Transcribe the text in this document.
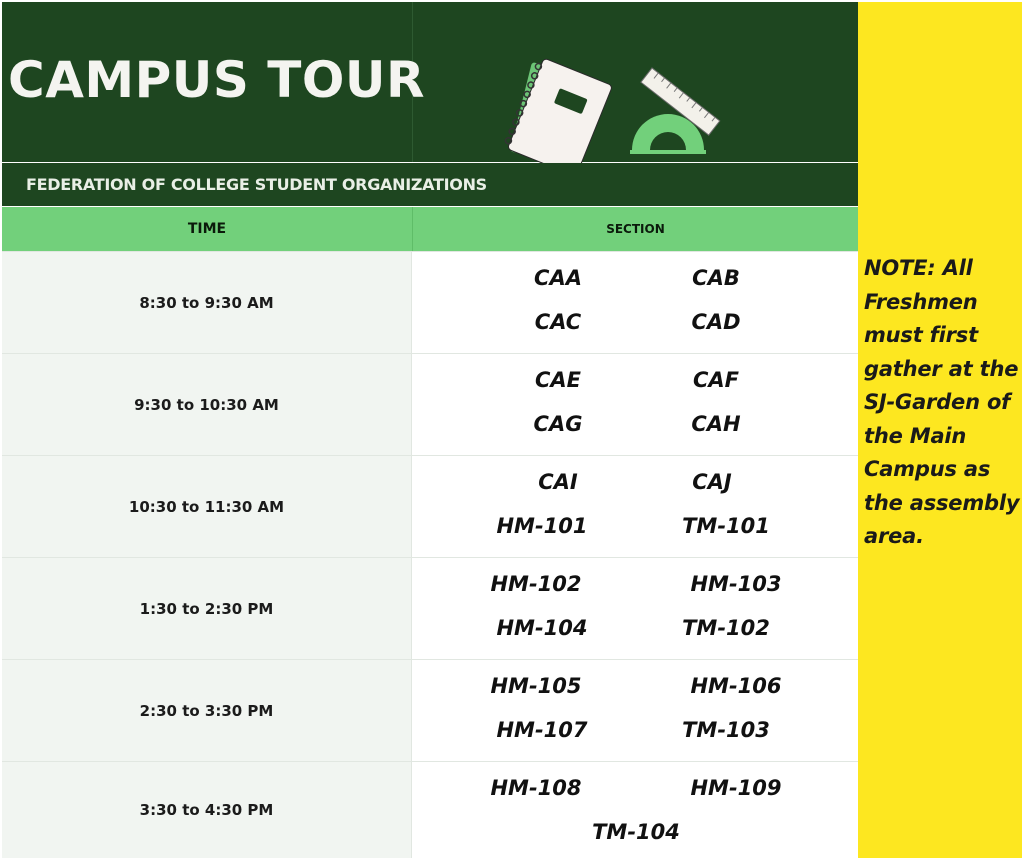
CAMPUS TOUR
FEDERATION OF COLLEGE STUDENT ORGANIZATIONS
TIME	SECTION
8:30 to 9:30 AM
CAA	CAB
CAC	CAD
9:30 to 10:30 AM
CAE	CAF
CAG	CAH
10:30 to 11:30 AM
CAI	CAJ
HM-101	TM-101
1:30 to 2:30 PM
HM-102	HM-103
HM-104	TM-102
2:30 to 3:30 PM
HM-105	HM-106
HM-107	TM-103
3:30 to 4:30 PM
HM-108	HM-109
TM-104
NOTE: All Freshmen must first gather at the SJ-Garden of the Main Campus as the assembly area.
